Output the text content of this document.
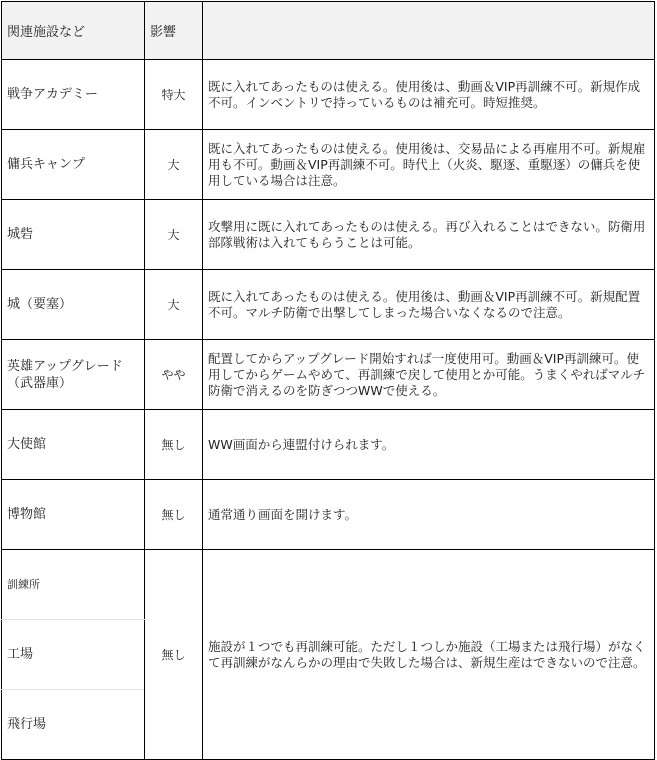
関連施設など	影響	
戦争アカデミー	特大	既に入れてあったものは使える。使用後は、動画＆VIP再訓練不可。新規作成不可。インベントリで持っているものは補充可。時短推奨。
傭兵キャンプ	大	既に入れてあったものは使える。使用後は、交易品による再雇用不可。新規雇用も不可。動画＆VIP再訓練不可。時代上（火炎、駆逐、重駆逐）の傭兵を使用している場合は注意。
城砦	大	攻撃用に既に入れてあったものは使える。再び入れることはできない。防衛用部隊戦術は入れてもらうことは可能。
城（要塞）	大	既に入れてあったものは使える。使用後は、動画＆VIP再訓練不可。新規配置不可。マルチ防衛で出撃してしまった場合いなくなるので注意。
英雄アップグレード（武器庫）	やや	配置してからアップグレード開始すれば一度使用可。動画＆VIP再訓練可。使用してからゲームやめて、再訓練で戻して使用とか可能。うまくやればマルチ防衛で消えるのを防ぎつつWWで使える。
大使館	無し	WW画面から連盟付けられます。
博物館	無し	通常通り画面を開けます。
訓練所	無し	施設が１つでも再訓練可能。ただし１つしか施設（工場または飛行場）がなくて再訓練がなんらかの理由で失敗した場合は、新規生産はできないので注意。
工場		
飛行場		
